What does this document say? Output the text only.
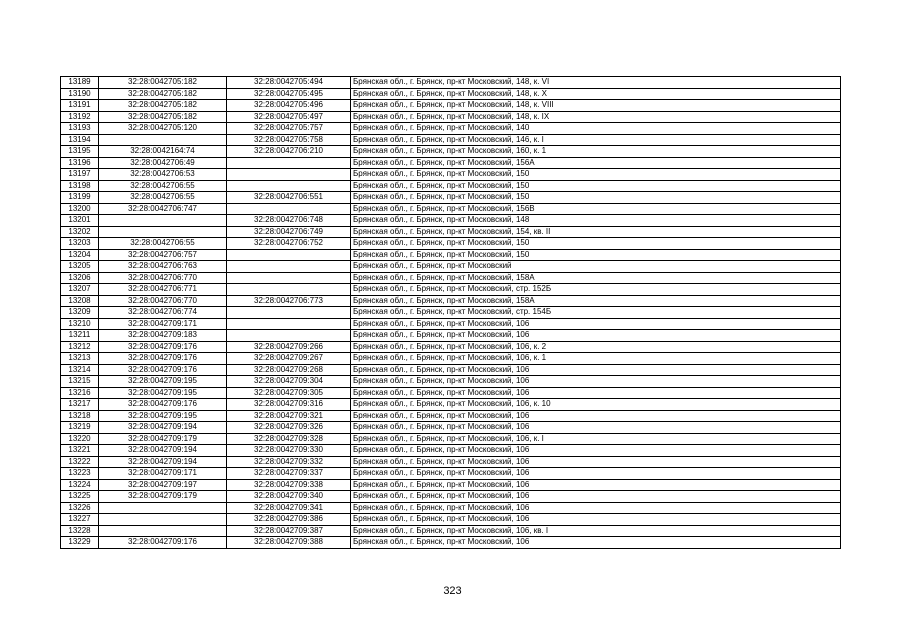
13189	32:28:0042705:182	32:28:0042705:494	Брянская обл., г. Брянск, пр-кт Московский, 148, к. VI
13190	32:28:0042705:182	32:28:0042705:495	Брянская обл., г. Брянск, пр-кт Московский, 148, к. X
13191	32:28:0042705:182	32:28:0042705:496	Брянская обл., г. Брянск, пр-кт Московский, 148, к. VIII
13192	32:28:0042705:182	32:28:0042705:497	Брянская обл., г. Брянск, пр-кт Московский, 148, к. IX
13193	32:28:0042705:120	32:28:0042705:757	Брянская обл., г. Брянск, пр-кт Московский, 140
13194		32:28:0042705:758	Брянская обл., г. Брянск, пр-кт Московский, 146, к. I
13195	32:28:0042164:74	32:28:0042706:210	Брянская обл., г. Брянск, пр-кт Московский, 160, к. 1
13196	32:28:0042706:49		Брянская обл., г. Брянск, пр-кт Московский, 156А
13197	32:28:0042706:53		Брянская обл., г. Брянск, пр-кт Московский, 150
13198	32:28:0042706:55		Брянская обл., г. Брянск, пр-кт Московский, 150
13199	32:28:0042706:55	32:28:0042706:551	Брянская обл., г. Брянск, пр-кт Московский, 150
13200	32:28:0042706:747		Брянская обл., г. Брянск, пр-кт Московский, 156В
13201		32:28:0042706:748	Брянская обл., г. Брянск, пр-кт Московский, 148
13202		32:28:0042706:749	Брянская обл., г. Брянск, пр-кт Московский, 154, кв. II
13203	32:28:0042706:55	32:28:0042706:752	Брянская обл., г. Брянск, пр-кт Московский, 150
13204	32:28:0042706:757		Брянская обл., г. Брянск, пр-кт Московский, 150
13205	32:28:0042706:763		Брянская обл., г. Брянск, пр-кт Московский
13206	32:28:0042706:770		Брянская обл., г. Брянск, пр-кт Московский, 158А
13207	32:28:0042706:771		Брянская обл., г. Брянск, пр-кт Московский, стр. 152Б
13208	32:28:0042706:770	32:28:0042706:773	Брянская обл., г. Брянск, пр-кт Московский, 158А
13209	32:28:0042706:774		Брянская обл., г. Брянск, пр-кт Московский, стр. 154Б
13210	32:28:0042709:171		Брянская обл., г. Брянск, пр-кт Московский, 106
13211	32:28:0042709:183		Брянская обл., г. Брянск, пр-кт Московский, 106
13212	32:28:0042709:176	32:28:0042709:266	Брянская обл., г. Брянск, пр-кт Московский, 106, к. 2
13213	32:28:0042709:176	32:28:0042709:267	Брянская обл., г. Брянск, пр-кт Московский, 106, к. 1
13214	32:28:0042709:176	32:28:0042709:268	Брянская обл., г. Брянск, пр-кт Московский, 106
13215	32:28:0042709:195	32:28:0042709:304	Брянская обл., г. Брянск, пр-кт Московский, 106
13216	32:28:0042709:195	32:28:0042709:305	Брянская обл., г. Брянск, пр-кт Московский, 106
13217	32:28:0042709:176	32:28:0042709:316	Брянская обл., г. Брянск, пр-кт Московский, 106, к. 10
13218	32:28:0042709:195	32:28:0042709:321	Брянская обл., г. Брянск, пр-кт Московский, 106
13219	32:28:0042709:194	32:28:0042709:326	Брянская обл., г. Брянск, пр-кт Московский, 106
13220	32:28:0042709:179	32:28:0042709:328	Брянская обл., г. Брянск, пр-кт Московский, 106, к. I
13221	32:28:0042709:194	32:28:0042709:330	Брянская обл., г. Брянск, пр-кт Московский, 106
13222	32:28:0042709:194	32:28:0042709:332	Брянская обл., г. Брянск, пр-кт Московский, 106
13223	32:28:0042709:171	32:28:0042709:337	Брянская обл., г. Брянск, пр-кт Московский, 106
13224	32:28:0042709:197	32:28:0042709:338	Брянская обл., г. Брянск, пр-кт Московский, 106
13225	32:28:0042709:179	32:28:0042709:340	Брянская обл., г. Брянск, пр-кт Московский, 106
13226		32:28:0042709:341	Брянская обл., г. Брянск, пр-кт Московский, 106
13227		32:28:0042709:386	Брянская обл., г. Брянск, пр-кт Московский, 106
13228		32:28:0042709:387	Брянская обл., г. Брянск, пр-кт Московский, 106, кв. I
13229	32:28:0042709:176	32:28:0042709:388	Брянская обл., г. Брянск, пр-кт Московский, 106
323
